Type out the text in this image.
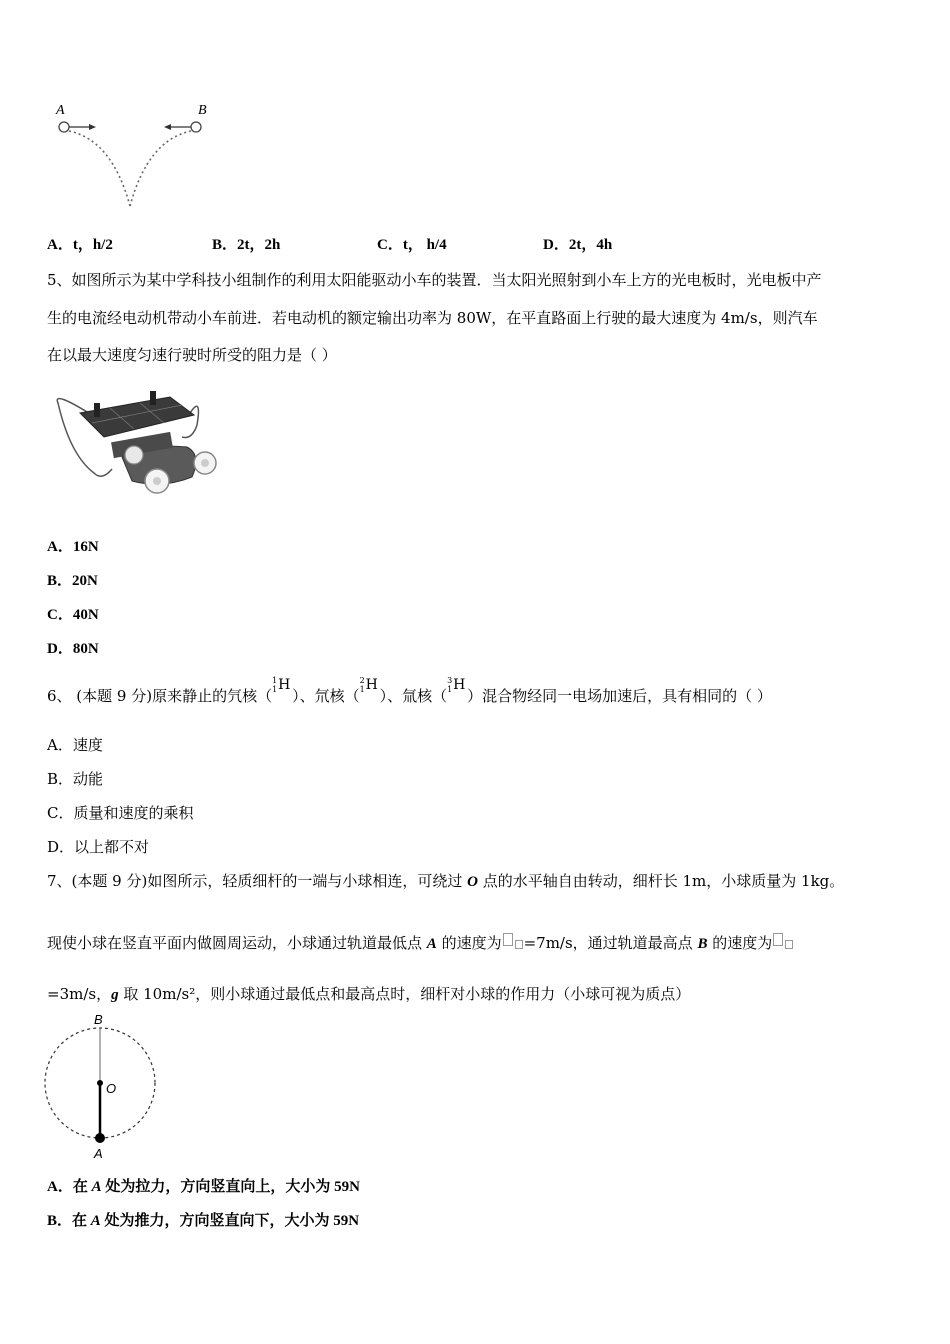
A	B
A．t，h/2	B．2t，2h	C．t， h/4	D．2t，4h
5、如图所示为某中学科技小组制作的利用太阳能驱动小车的装置．当太阳光照射到小车上方的光电板时，光电板中产
生的电流经电动机带动小车前进．若电动机的额定输出功率为 80W，在平直路面上行驶的最大速度为 4m/s，则汽车
在以最大速度匀速行驶时所受的阻力是（ ）
A．16N
B．20N
C．40N
D．80N
6、 (本题 9 分)原来静止的氕核（
1
1 H
）、氘核（
2
1 H
）、氚核（
3
1 H
）混合物经同一电场加速后，具有相同的（ ）
A．速度
B．动能
C．质量和速度的乘积
D．以上都不对
7、(本题 9 分)如图所示，轻质细杆的一端与小球相连，可绕过 O 点的水平轴自由转动，细杆长 1m，小球质量为 1kg。
现使小球在竖直平面内做圆周运动，小球通过轨道最低点 A 的速度为 =7m/s，通过轨道最高点 B 的速度为
=3m/s，g 取 10m/s²，则小球通过最低点和最高点时，细杆对小球的作用力（小球可视为质点）
B
O
A
A．在 A 处为拉力，方向竖直向上，大小为 59N
B．在 A 处为推力，方向竖直向下，大小为 59N
